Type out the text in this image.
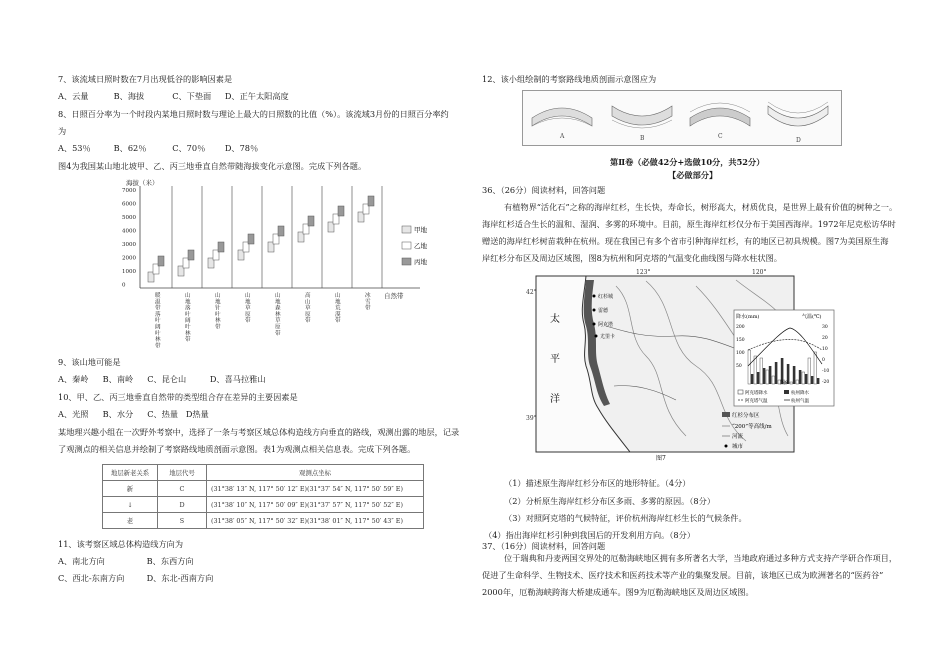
7、该流域日照时数在7月出现低谷的影响因素是
A、云量	B、海拔	C、下垫面 D、正午太阳高度
8、日照百分率为一个时段内某地日照时数与理论上最大的日照数的比值（%）。该流域3月份的日照百分率约
为
A、53％	B、62％	C、70％ D、78％
图4为我国某山地北坡甲、乙、丙三地垂直自然带随海拔变化示意图。完成下列各题。
海拔（米）
7000
6000
5000
4000
3000
2000
1000
0
暖温带落叶阔叶林带
山地落叶阔叶林带
山地针叶林带
山地草原带
山地森林草原带
高山草原带
山地荒漠带
冰雪带
自然带
甲地
乙地
丙地
9、该山地可能是
A、秦岭 B、南岭 C、昆仑山	D、喜马拉雅山
10、甲、乙、丙三地垂直自然带的类型组合存在差异的主要因素是
A、光照 B、水分 C、热量 D热量
某地理兴趣小组在一次野外考察中，选择了一条与考察区域总体构造线方向垂直的路线，观测出露的地层，记录
了观测点的相关信息并绘制了考察路线地质剖面示意图。表1为观测点相关信息表。完成下列各题。
地层新老关系	地层代号	观测点坐标
新	C	(31°38′ 13″ N, 117° 50′ 12″ E)(31°37′ 54″ N, 117° 50′ 59″ E)
↓	D	(31°38′ 10″ N, 117° 50′ 09″ E)(31°37′ 57″ N, 117° 50′ 52″ E)
老	S	(31°38′ 05″ N, 117° 50′ 32″ E)(31°38′ 01″ N, 117° 50′ 43″ E)
11、该考察区域总体构造线方向为
A、南北方向	B、东西方向
C、西北-东南方向	D、东北-西南方向
12、该小组绘制的考察路线地质剖面示意图应为
A	B	C
D
第Ⅱ卷（必做42分+选做10分，共52分）
【必做部分】
36、（26分）阅读材料，回答问题
有植物界“活化石”之称的海岸红杉，生长快，寿命长，树形高大，材质优良，是世界上最有价值的树种之一。
海岸红杉适合生长的温和、湿润、多雾的环境中。目前，原生海岸红杉仅分布于美国西海岸。1972年尼克松访华时
赠送的海岸红杉树苗栽种在杭州。现在我国已有多个省市引种海岸红杉，有的地区已初具规模。图7为美国原生海
岸红杉分布区及周边区域图，图8为杭州和阿克塔的气温变化曲线图与降水柱状图。
123°	120°
42°
39°
太
平
洋
红杉城
雷德
阿克塔
尤里卡
红杉分布区
“200”等高线/m
河流
城市
图7
降水(mm)	气温(℃)
200
150
100
50
30
20
10
0
-10
-20
阿克塔降水	杭州降水
阿克塔气温	杭州气温
图8
（1）描述原生海岸红杉分布区的地形特征。（4分）
（2）分析原生海岸红杉分布区多雨、多雾的原因。（8分）
（3）对照阿克塔的气候特征，评价杭州海岸红杉生长的气候条件。
（4）指出海岸红杉引种到我国后的开发利用方向。（8分）
37、（16分）阅读材料，回答问题
位于瑞典和丹麦两国交界处的厄勒海峡地区拥有多所著名大学，当地政府通过多种方式支持产学研合作项目，
促进了生命科学、生物技术、医疗技术和医药技术等产业的集聚发展。目前，该地区已成为欧洲著名的“医药谷”
2000年，厄勒海峡跨海大桥建成通车。图9为厄勒海峡地区及周边区域图。
